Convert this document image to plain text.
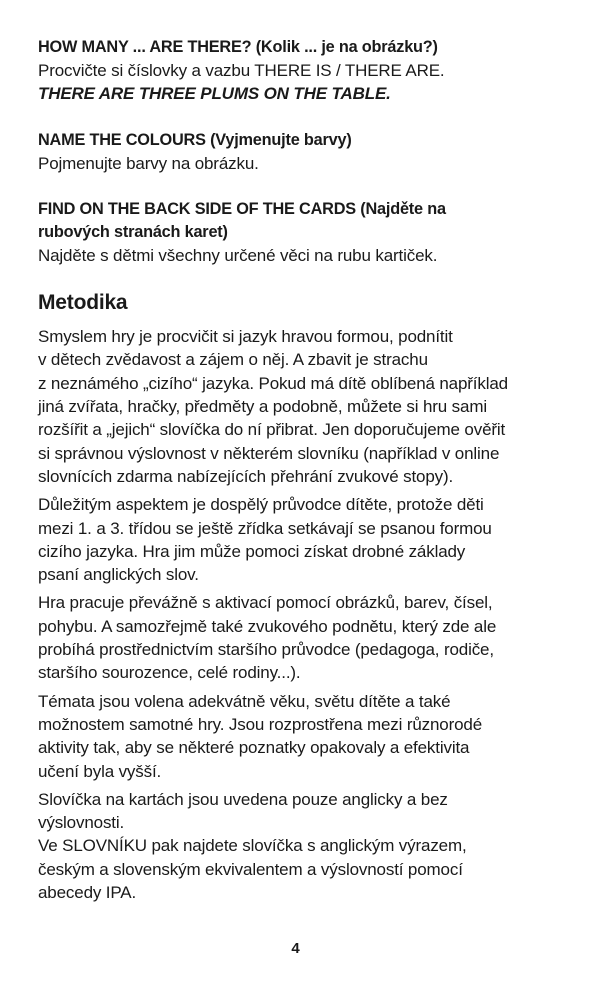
HOW MANY ... ARE THERE? (Kolik ... je na obrázku?)

Procvičte si číslovky a vazbu THERE IS / THERE ARE.

THERE ARE THREE PLUMS ON THE TABLE.

NAME THE COLOURS (Vyjmenujte barvy)

Pojmenujte barvy na obrázku.

FIND ON THE BACK SIDE OF THE CARDS (Najděte na

rubových stranách karet)

Najděte s dětmi všechny určené věci na rubu kartiček.

Metodika

Smyslem hry je procvičit si jazyk hravou formou, podnítit

v dětech zvědavost a zájem o něj. A zbavit je strachu

z neznámého „cizího“ jazyka. Pokud má dítě oblíbená například

jiná zvířata, hračky, předměty a podobně, můžete si hru sami

rozšířit a „jejich“ slovíčka do ní přibrat. Jen doporučujeme ověřit

si správnou výslovnost v některém slovníku (například v online

slovnících zdarma nabízejících přehrání zvukové stopy).

Důležitým aspektem je dospělý průvodce dítěte, protože děti

mezi 1. a 3. třídou se ještě zřídka setkávají se psanou formou

cizího jazyka. Hra jim může pomoci získat drobné základy

psaní anglických slov.

Hra pracuje převážně s aktivací pomocí obrázků, barev, čísel,

pohybu. A samozřejmě také zvukového podnětu, který zde ale

probíhá prostřednictvím staršího průvodce (pedagoga, rodiče,

staršího sourozence, celé rodiny...).

Témata jsou volena adekvátně věku, světu dítěte a také

možnostem samotné hry. Jsou rozprostřena mezi různorodé

aktivity tak, aby se některé poznatky opakovaly a efektivita

učení byla vyšší.

Slovíčka na kartách jsou uvedena pouze anglicky a bez

výslovnosti.

Ve SLOVNÍKU pak najdete slovíčka s anglickým výrazem,

českým a slovenským ekvivalentem a výslovností pomocí

abecedy IPA.

4
